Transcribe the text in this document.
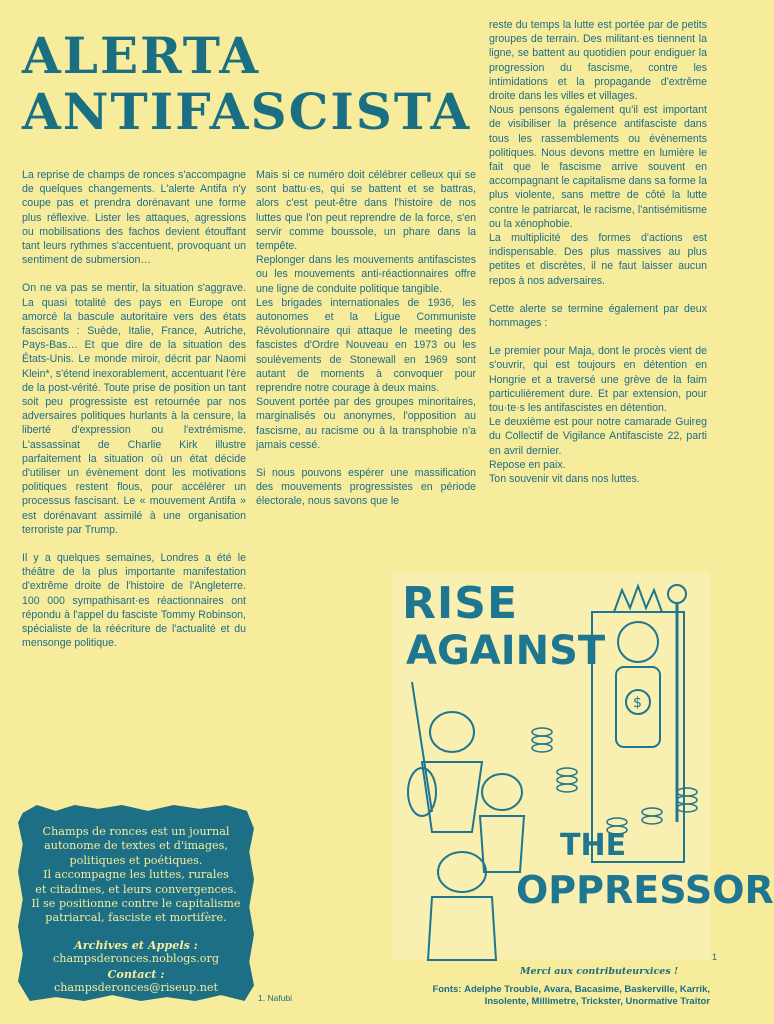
ALERTA
ANTIFASCISTA

La reprise de champs de ronces s'accompagne de quelques changements. L'alerte Antifa n'y coupe pas et prendra dorénavant une forme plus réflexive. Lister les attaques, agressions ou mobilisations des fachos devient étouffant tant leurs rythmes s'accentuent, provoquant un sentiment de submersion…

On ne va pas se mentir, la situation s'aggrave. La quasi totalité des pays en Europe ont amorcé la bascule autoritaire vers des états fascisants : Suède, Italie, France, Autriche, Pays-Bas… Et que dire de la situation des États-Unis. Le monde miroir, décrit par Naomi Klein*, s'étend inexorablement, accentuant l'ère de la post-vérité. Toute prise de position un tant soit peu progressiste est retournée par nos adversaires politiques hurlants à la censure, la liberté d'expression ou l'extrémisme. L'assassinat de Charlie Kirk illustre parfaitement la situation où un état décide d'utiliser un évènement dont les motivations politiques restent flous, pour accélérer un processus fascisant. Le « mouvement Antifa » est dorénavant assimilé à une organisation terroriste par Trump.

Il y a quelques semaines, Londres a été le théâtre de la plus importante manifestation d'extrême droite de l'histoire de l'Angleterre. 100 000 sympathisant·es réactionnaires ont répondu à l'appel du fasciste Tommy Robinson, spécialiste de la réécriture de l'actualité et du mensonge politique.

Mais si ce numéro doit célébrer celleux qui se sont battu·es, qui se battent et se battras, alors c'est peut-être dans l'histoire de nos luttes que l'on peut reprendre de la force, s'en servir comme boussole, un phare dans la tempête.

Replonger dans les mouvements antifascistes ou les mouvements anti-réactionnaires offre une ligne de conduite politique tangible.

Les brigades internationales de 1936, les autonomes et la Ligue Communiste Révolutionnaire qui attaque le meeting des fascistes d'Ordre Nouveau en 1973 ou les soulèvements de Stonewall en 1969 sont autant de moments à convoquer pour reprendre notre courage à deux mains.

Souvent portée par des groupes minoritaires, marginalisés ou anonymes, l'opposition au fascisme, au racisme ou à la transphobie n'a jamais cessé.

Si nous pouvons espérer une massification des mouvements progressistes en période électorale, nous savons que le

reste du temps la lutte est portée par de petits groupes de terrain. Des militant·es tiennent la ligne, se battent au quotidien pour endiguer la progression du fascisme, contre les intimidations et la propagande d'extrême droite dans les villes et villages.

Nous pensons également qu'il est important de visibiliser la présence antifasciste dans tous les rassemblements ou évènements politiques. Nous devons mettre en lumière le fait que le fascisme arrive souvent en accompagnant le capitalisme dans sa forme la plus violente, sans mettre de côté la lutte contre le patriarcat, le racisme, l'antisémitisme ou la xénophobie.

La multiplicité des formes d'actions est indispensable. Des plus massives au plus petites et discrètes, il ne faut laisser aucun repos à nos adversaires.

Cette alerte se termine également par deux hommages :

Le premier pour Maja, dont le procès vient de s'ouvrir, qui est toujours en détention en Hongrie et a traversé une grève de la faim particulièrement dure. Et par extension, pour tou·te·s les antifascistes en détention.

Le deuxième est pour notre camarade Guireg du Collectif de Vigilance Antifasciste 22, parti en avril dernier.

Repose en paix.

Ton souvenir vit dans nos luttes.

$
RISE
AGAINST
THE
OPPRESSOR
1
Champs de ronces est un journal
autonome de textes et d'images,
politiques et poétiques.
Il accompagne les luttes, rurales
et citadines, et leurs convergences.
Il se positionne contre le capitalisme
patriarcal, fasciste et mortifère.
Archives et Appels :
champsderonces.noblogs.org
Contact :
champsderonces@riseup.net
1. Nafubi
Merci aux contributeurxices !
Fonts: Adelphe Trouble, Avara, Bacasime, Baskerville, Karrik,
Insolente, Millimetre, Trickster, Unormative Traitor
